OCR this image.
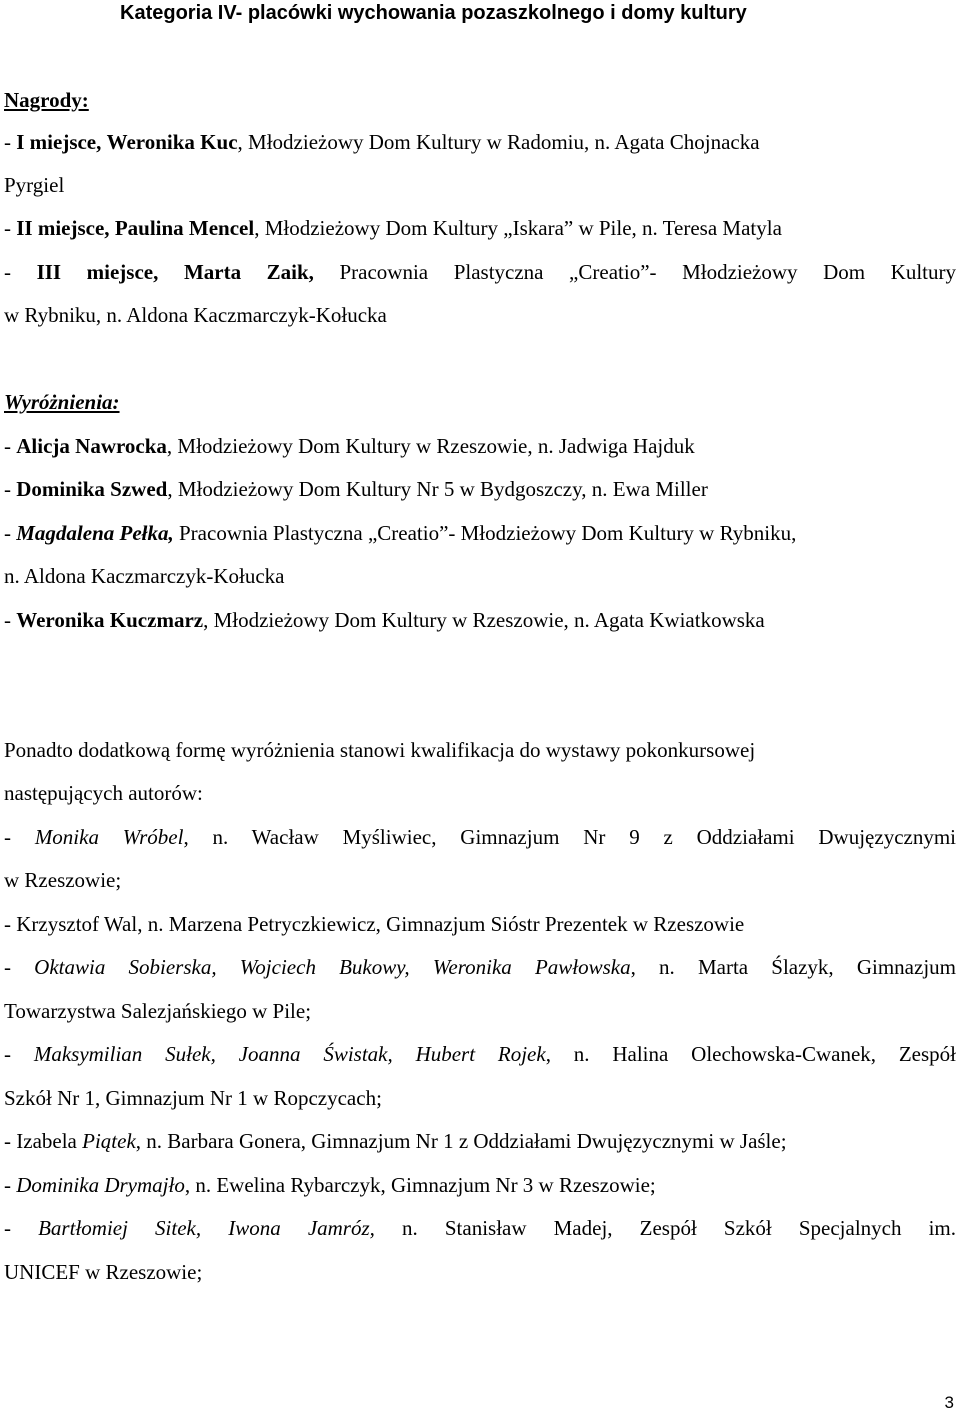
Kategoria IV- placówki wychowania pozaszkolnego i domy kultury
Nagrody:
- I miejsce, Weronika Kuc, Młodzieżowy Dom Kultury w Radomiu, n. Agata Chojnacka
Pyrgiel
- II miejsce, Paulina Mencel, Młodzieżowy Dom Kultury „Iskara” w Pile, n. Teresa Matyla
- III miejsce, Marta Zaik, Pracownia Plastyczna „Creatio”- Młodzieżowy Dom Kultury
w Rybniku, n. Aldona Kaczmarczyk-Kołucka
Wyróżnienia:
- Alicja Nawrocka, Młodzieżowy Dom Kultury w Rzeszowie, n. Jadwiga Hajduk
- Dominika Szwed, Młodzieżowy Dom Kultury Nr 5 w Bydgoszczy, n. Ewa Miller
- Magdalena Pełka, Pracownia Plastyczna „Creatio”- Młodzieżowy Dom Kultury w Rybniku,
n. Aldona Kaczmarczyk-Kołucka
- Weronika Kuczmarz, Młodzieżowy Dom Kultury w Rzeszowie, n. Agata Kwiatkowska
Ponadto dodatkową formę wyróżnienia stanowi kwalifikacja do wystawy pokonkursowej
następujących autorów:
- Monika Wróbel, n. Wacław Myśliwiec, Gimnazjum Nr 9 z Oddziałami Dwujęzycznymi
w Rzeszowie;
- Krzysztof Wal, n. Marzena Petryczkiewicz, Gimnazjum Sióstr Prezentek w Rzeszowie
- Oktawia Sobierska, Wojciech Bukowy, Weronika Pawłowska, n. Marta Ślazyk, Gimnazjum
Towarzystwa Salezjańskiego w Pile;
- Maksymilian Sułek, Joanna Świstak, Hubert Rojek, n. Halina Olechowska-Cwanek, Zespół
Szkół Nr 1, Gimnazjum Nr 1 w Ropczycach;
- Izabela Piątek, n. Barbara Gonera, Gimnazjum Nr 1 z Oddziałami Dwujęzycznymi w Jaśle;
- Dominika Drymajło, n. Ewelina Rybarczyk, Gimnazjum Nr 3 w Rzeszowie;
- Bartłomiej Sitek, Iwona Jamróz, n. Stanisław Madej, Zespół Szkół Specjalnych im.
UNICEF w Rzeszowie;
3
